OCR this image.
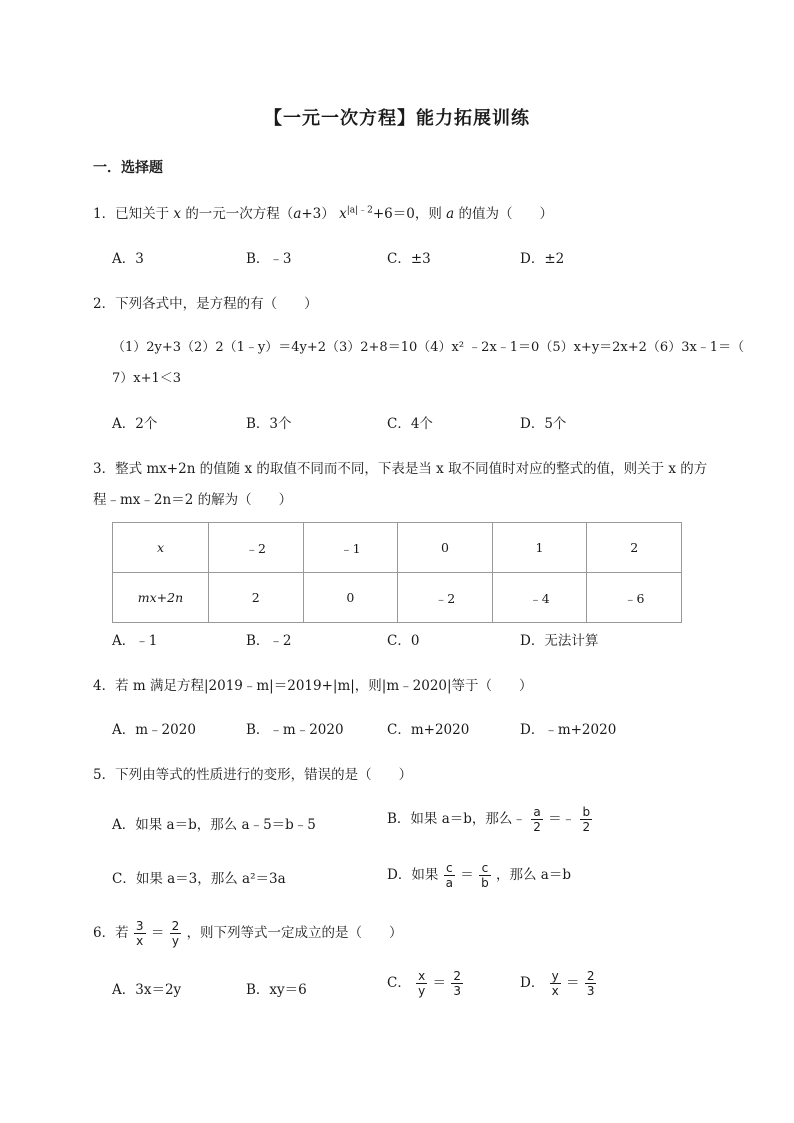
【一元一次方程】能力拓展训练
一．选择题
1．已知关于 x 的一元一次方程（a+3） $x^{|a|﹣2}+6=0$，则 a 的值为（　　）
A．3	B．﹣3	C．±3	D．±2
2．下列各式中，是方程的有（　　）
（1）2y+3（2）2（1﹣y）＝4y+2（3）2+8＝10（4）x² ﹣2x﹣1＝0（5）x+y＝2x+2（6）3x﹣1＝（
7）x+1＜3
A．2个	B．3个	C．4个	D．5个
3．整式 mx+2n 的值随 x 的取值不同而不同，下表是当 x 取不同值时对应的整式的值，则关于 x 的方
程﹣mx﹣2n＝2 的解为（　　）
x	﹣2	﹣1	0	1	2
mx+2n	2	0	﹣2	﹣4	﹣6
A．﹣1	B．﹣2	C．0	D．无法计算
4．若 m 满足方程|2019﹣m|＝2019+|m|，则|m﹣2020|等于（　　）
A．m﹣2020	B．﹣m﹣2020	C．m+2020	D．﹣m+2020
5．下列由等式的性质进行的变形，错误的是（　　）
A．如果 a＝b，那么 a﹣5＝b﹣5	B．如果 a＝b，那么﹣ $\frac{a}{2}$ ＝﹣ $\frac{b}{2}$
C．如果 a＝3，那么 a²＝3a	D．如果 $\frac{c}{a} = \frac{c}{b}$ ，那么 a＝b
6．若 $\frac{3}{x} = \frac{2}{y}$ ，则下列等式一定成立的是（　　）
A．3x＝2y	B．xy＝6	C． $\frac{x}{y} = \frac{2}{3}$	D． $\frac{y}{x} = \frac{2}{3}$
